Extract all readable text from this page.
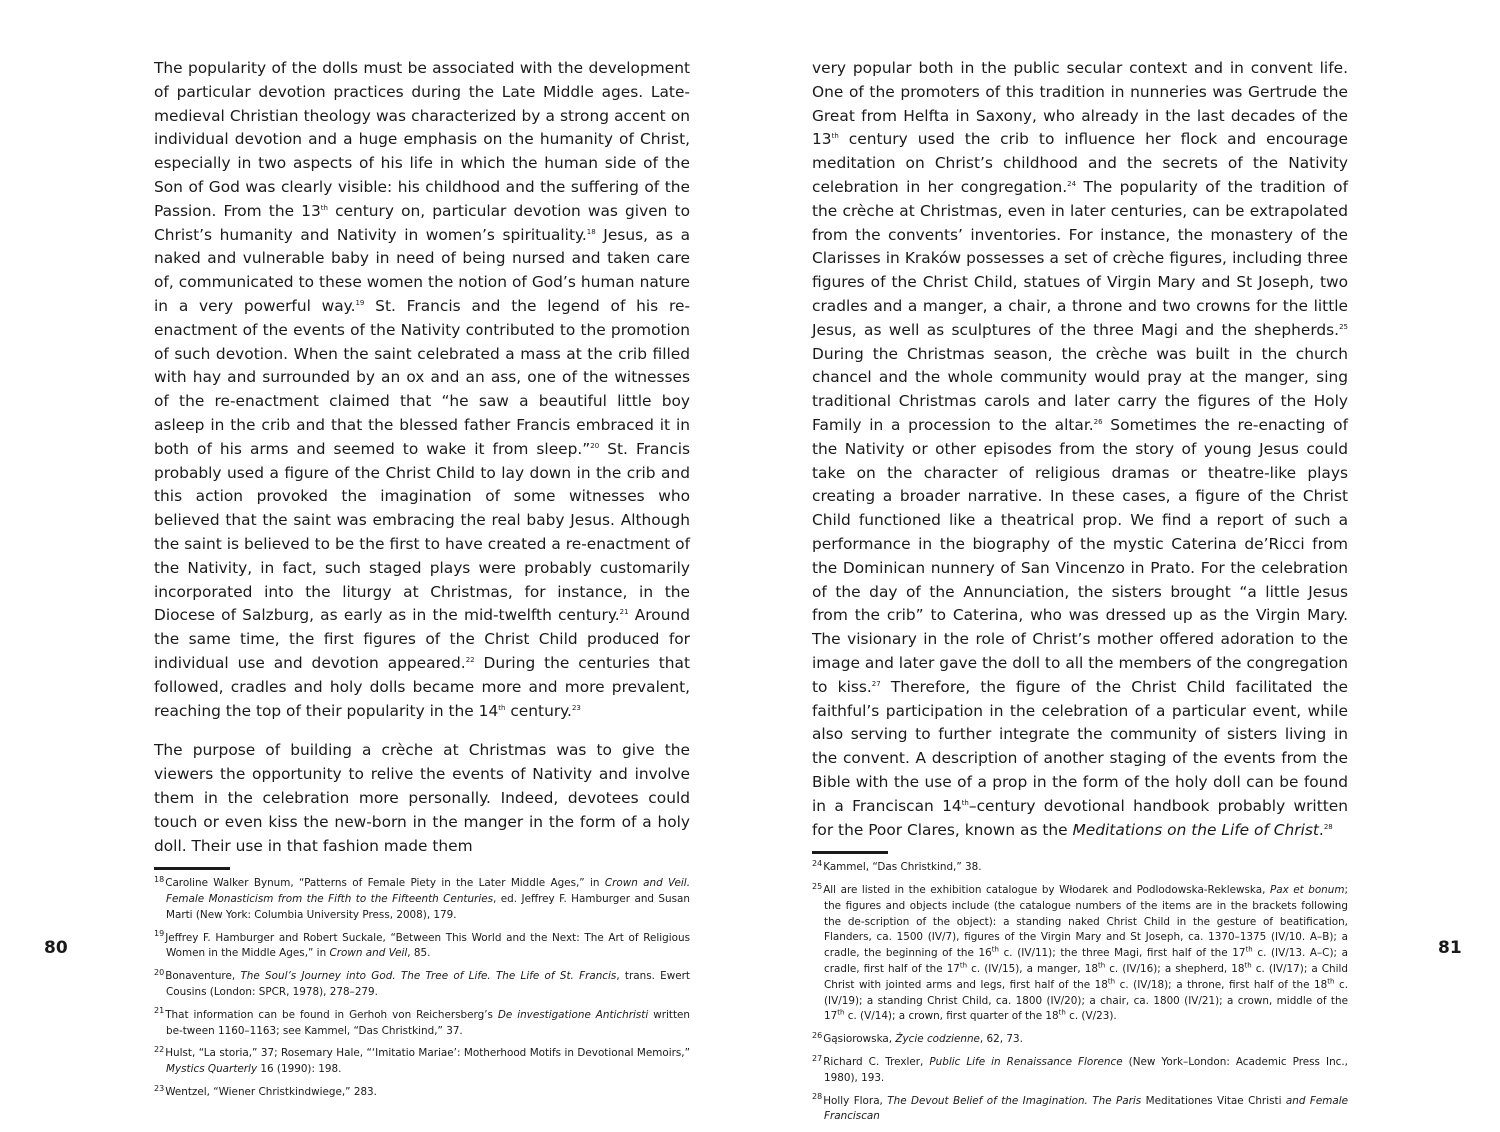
The popularity of the dolls must be associated with the development of particular devotion practices during the Late Middle ages. Late-medieval Christian theology was characterized by a strong accent on individual devotion and a huge emphasis on the humanity of Christ, especially in two aspects of his life in which the human side of the Son of God was clearly visible: his childhood and the suffering of the Passion. From the 13th century on, particular devotion was given to Christ’s humanity and Nativity in women’s spirituality.$^{18}$ Jesus, as a naked and vulnerable baby in need of being nursed and taken care of, communicated to these women the notion of God’s human nature in a very powerful way.$^{19}$ St. Francis and the legend of his re-enactment of the events of the Nativity contributed to the promotion of such devotion. When the saint celebrated a mass at the crib filled with hay and surrounded by an ox and an ass, one of the witnesses of the re-enactment claimed that “he saw a beautiful little boy asleep in the crib and that the blessed father Francis embraced it in both of his arms and seemed to wake it from sleep.”$^{20}$ St. Francis probably used a figure of the Christ Child to lay down in the crib and this action provoked the imagination of some witnesses who believed that the saint was embracing the real baby Jesus. Although the saint is believed to be the first to have created a re-enactment of the Nativity, in fact, such staged plays were probably customarily incorporated into the liturgy at Christmas, for instance, in the Diocese of Salzburg, as early as in the mid-twelfth century.$^{21}$ Around the same time, the first figures of the Christ Child produced for individual use and devotion appeared.$^{22}$ During the centuries that followed, cradles and holy dolls became more and more prevalent, reaching the top of their popularity in the 14th century.$^{23}$

The purpose of building a crèche at Christmas was to give the viewers the opportunity to relive the events of Nativity and involve them in the celebration more personally. Indeed, devotees could touch or even kiss the new-born in the manger in the form of a holy doll. Their use in that fashion made them

$^{18}$Caroline Walker Bynum, “Patterns of Female Piety in the Later Middle Ages,” in Crown and Veil. Female Monasticism from the Fifth to the Fifteenth Centuries, ed. Jeffrey F. Hamburger and Susan Marti (New York: Columbia University Press, 2008), 179.
$^{19}$Jeffrey F. Hamburger and Robert Suckale, “Between This World and the Next: The Art of Religious Women in the Middle Ages,” in Crown and Veil, 85.
$^{20}$Bonaventure, The Soul’s Journey into God. The Tree of Life. The Life of St. Francis, trans. Ewert Cousins (London: SPCR, 1978), 278–279.
$^{21}$That information can be found in Gerhoh von Reichersberg’s De investigatione Antichristi written be-tween 1160–1163; see Kammel, “Das Christkind,” 37.
$^{22}$Hulst, “La storia,” 37; Rosemary Hale, “‘Imitatio Mariae’: Motherhood Motifs in Devotional Memoirs,” Mystics Quarterly 16 (1990): 198.
$^{23}$Wentzel, “Wiener Christkindwiege,” 283.
80

very popular both in the public secular context and in convent life. One of the promoters of this tradition in nunneries was Gertrude the Great from Helfta in Saxony, who already in the last decades of the 13th century used the crib to influence her flock and encourage meditation on Christ’s childhood and the secrets of the Nativity celebration in her congregation.$^{24}$ The popularity of the tradition of the crèche at Christmas, even in later centuries, can be extrapolated from the convents’ inventories. For instance, the monastery of the Clarisses in Kraków possesses a set of crèche figures, including three figures of the Christ Child, statues of Virgin Mary and St Joseph, two cradles and a manger, a chair, a throne and two crowns for the little Jesus, as well as sculptures of the three Magi and the shepherds.$^{25}$ During the Christmas season, the crèche was built in the church chancel and the whole community would pray at the manger, sing traditional Christmas carols and later carry the figures of the Holy Family in a procession to the altar.$^{26}$ Sometimes the re-enacting of the Nativity or other episodes from the story of young Jesus could take on the character of religious dramas or theatre-like plays creating a broader narrative. In these cases, a figure of the Christ Child functioned like a theatrical prop. We find a report of such a performance in the biography of the mystic Caterina de’Ricci from the Dominican nunnery of San Vincenzo in Prato. For the celebration of the day of the Annunciation, the sisters brought “a little Jesus from the crib” to Caterina, who was dressed up as the Virgin Mary. The visionary in the role of Christ’s mother offered adoration to the image and later gave the doll to all the members of the congregation to kiss.$^{27}$ Therefore, the figure of the Christ Child facilitated the faithful’s participation in the celebration of a particular event, while also serving to further integrate the community of sisters living in the convent. A description of another staging of the events from the Bible with the use of a prop in the form of the holy doll can be found in a Franciscan 14th–century devotional handbook probably written for the Poor Clares, known as the Meditations on the Life of Christ.$^{28}$

$^{24}$Kammel, “Das Christkind,” 38.
$^{25}$All are listed in the exhibition catalogue by Włodarek and Podlodowska-Reklewska, Pax et bonum; the figures and objects include (the catalogue numbers of the items are in the brackets following the de-scription of the object): a standing naked Christ Child in the gesture of beatification, Flanders, ca. 1500 (IV/7), figures of the Virgin Mary and St Joseph, ca. 1370–1375 (IV/10. A–B); a cradle, the beginning of the 16th c. (IV/11); the three Magi, first half of the 17th c. (IV/13. A–C); a cradle, first half of the 17th c. (IV/15), a manger, 18th c. (IV/16); a shepherd, 18th c. (IV/17); a Child Christ with jointed arms and legs, first half of the 18th c. (IV/18); a throne, first half of the 18th c. (IV/19); a standing Christ Child, ca. 1800 (IV/20); a chair, ca. 1800 (IV/21); a crown, middle of the 17th c. (V/14); a crown, first quarter of the 18th c. (V/23).
$^{26}$Gąsiorowska, Życie codzienne, 62, 73.
$^{27}$Richard C. Trexler, Public Life in Renaissance Florence (New York–London: Academic Press Inc., 1980), 193.
$^{28}$Holly Flora, The Devout Belief of the Imagination. The Paris Meditationes Vitae Christi and Female Franciscan
81
